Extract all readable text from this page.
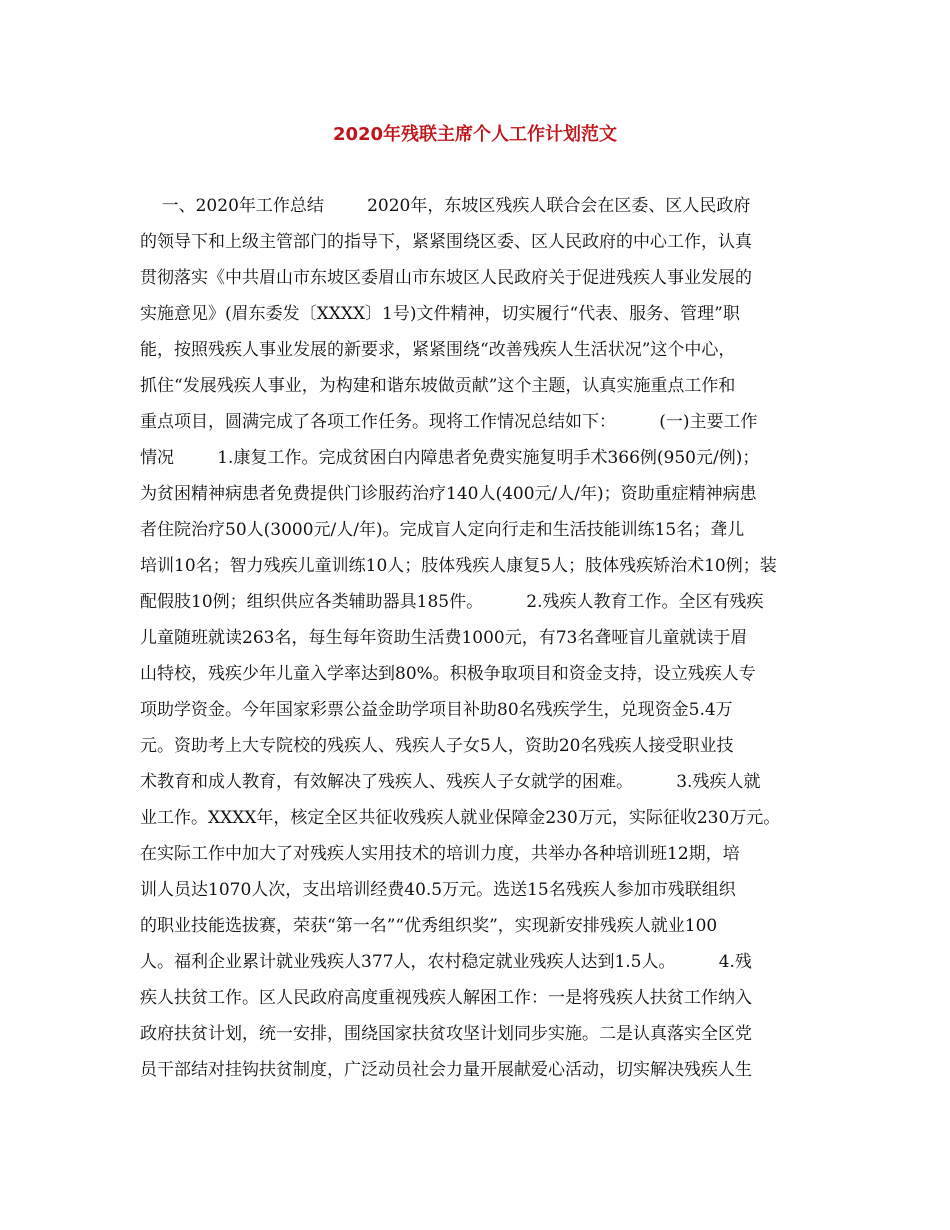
2020年残联主席个人工作计划范文
一、2020年工作总结        2020年，东坡区残疾人联合会在区委、区人民政府
的领导下和上级主管部门的指导下，紧紧围绕区委、区人民政府的中心工作，认真
贯彻落实《中共眉山市东坡区委眉山市东坡区人民政府关于促进残疾人事业发展的
实施意见》(眉东委发〔XXXX〕1号)文件精神，切实履行“代表、服务、管理”职
能，按照残疾人事业发展的新要求，紧紧围绕“改善残疾人生活状况”这个中心，
抓住“发展残疾人事业，为构建和谐东坡做贡献”这个主题，认真实施重点工作和
重点项目，圆满完成了各项工作任务。现将工作情况总结如下：        (一)主要工作
情况        1.康复工作。完成贫困白内障患者免费实施复明手术366例(950元/例)；
为贫困精神病患者免费提供门诊服药治疗140人(400元/人/年)；资助重症精神病患
者住院治疗50人(3000元/人/年)。完成盲人定向行走和生活技能训练15名；聋儿
培训10名；智力残疾儿童训练10人；肢体残疾人康复5人；肢体残疾矫治术10例；装
配假肢10例；组织供应各类辅助器具185件。        2.残疾人教育工作。全区有残疾
儿童随班就读263名，每生每年资助生活费1000元，有73名聋哑盲儿童就读于眉
山特校，残疾少年儿童入学率达到80%。积极争取项目和资金支持，设立残疾人专
项助学资金。今年国家彩票公益金助学项目补助80名残疾学生，兑现资金5.4万
元。资助考上大专院校的残疾人、残疾人子女5人，资助20名残疾人接受职业技
术教育和成人教育，有效解决了残疾人、残疾人子女就学的困难。        3.残疾人就
业工作。XXXX年，核定全区共征收残疾人就业保障金230万元，实际征收230万元。
在实际工作中加大了对残疾人实用技术的培训力度，共举办各种培训班12期，培
训人员达1070人次，支出培训经费40.5万元。选送15名残疾人参加市残联组织
的职业技能选拔赛，荣获“第一名”“优秀组织奖”，实现新安排残疾人就业100
人。福利企业累计就业残疾人377人，农村稳定就业残疾人达到1.5人。        4.残
疾人扶贫工作。区人民政府高度重视残疾人解困工作：一是将残疾人扶贫工作纳入
政府扶贫计划，统一安排，围绕国家扶贫攻坚计划同步实施。二是认真落实全区党
员干部结对挂钩扶贫制度，广泛动员社会力量开展献爱心活动，切实解决残疾人生
